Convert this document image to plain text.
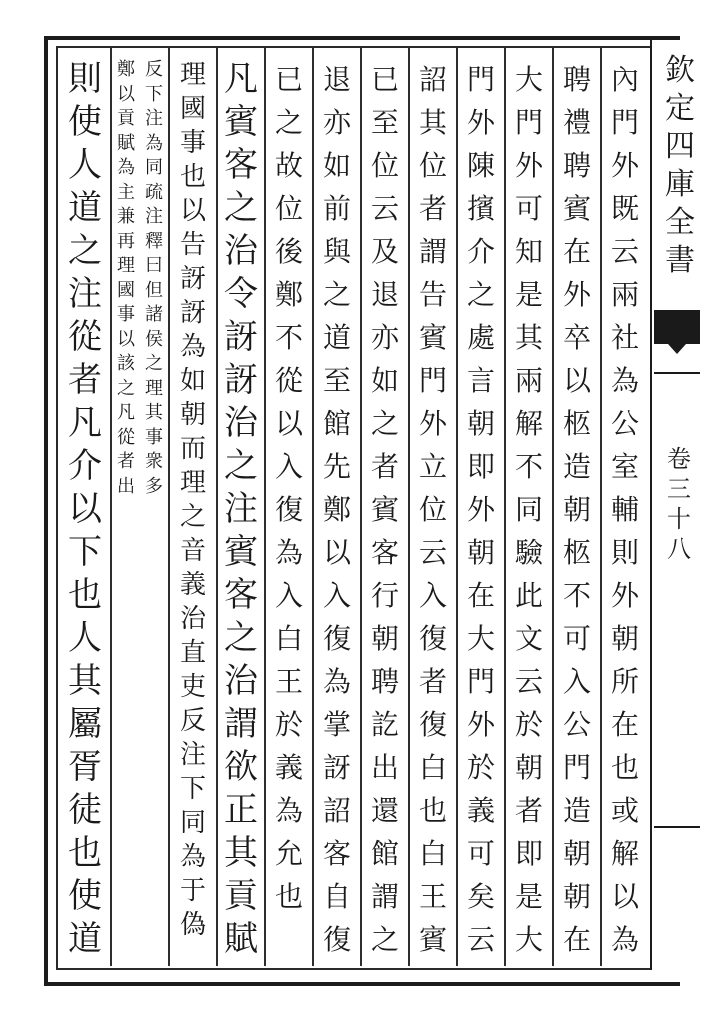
欽
定
四
庫
全
書
卷
三
十
八
內
門
外
既
云
兩
社
為
公
室
輔
則
外
朝
所
在
也
或
解
以
為
聘
禮
聘
賓
在
外
卒
以
柩
造
朝
柩
不
可
入
公
門
造
朝
朝
在
大
門
外
可
知
是
其
兩
解
不
同
驗
此
文
云
於
朝
者
即
是
大
門
外
陳
擯
介
之
處
言
朝
即
外
朝
在
大
門
外
於
義
可
矣
云
詔
其
位
者
謂
告
賓
門
外
立
位
云
入
復
者
復
白
也
白
王
賓
已
至
位
云
及
退
亦
如
之
者
賓
客
行
朝
聘
訖
出
還
館
謂
之
退
亦
如
前
與
之
道
至
館
先
鄭
以
入
復
為
掌
訝
詔
客
自
復
已
之
故
位
後
鄭
不
從
以
入
復
為
入
白
王
於
義
為
允
也
凡
賓
客
之
治
令
訝
訝
治
之
注
賓
客
之
治
謂
欲
正
其
貢
賦
理
國
事
也
以
告
訝
訝
為
如
朝
而
理
之
音
義
治
直
吏
反
注
下
同
為
于
偽
反
下
注
為
同
疏
注
釋
曰
但
諸
侯
之
理
其
事
衆
多
鄭
以
貢
賦
為
主
兼
再
理
國
事
以
該
之
凡
從
者
出
則
使
人
道
之
注
從
者
凡
介
以
下
也
人
其
屬
胥
徒
也
使
道
